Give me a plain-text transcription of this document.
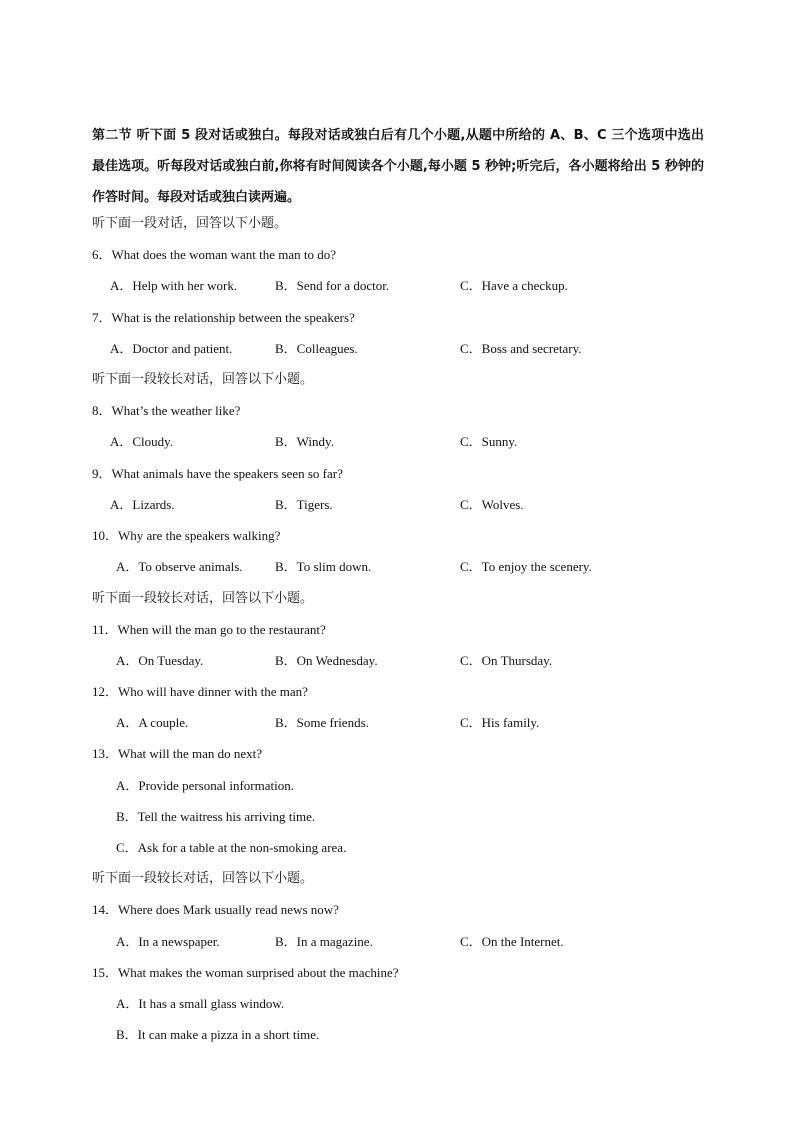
第二节 听下面 5 段对话或独白。每段对话或独白后有几个小题,从题中所给的 A、B、C 三个选项中选出最佳选项。听每段对话或独白前,你将有时间阅读各个小题,每小题 5 秒钟;听完后，各小题将给出 5 秒钟的作答时间。每段对话或独白读两遍。

听下面一段对话，回答以下小题。
6．What does the woman want the man to do?
A．Help with her work.	B．Send for a doctor.	C．Have a checkup.
7．What is the relationship between the speakers?
A．Doctor and patient.	B．Colleagues.	C．Boss and secretary.
听下面一段较长对话，回答以下小题。
8．What’s the weather like?
A．Cloudy.	B．Windy.	C．Sunny.
9．What animals have the speakers seen so far?
A．Lizards.	B．Tigers.	C．Wolves.
10．Why are the speakers walking?
A．To observe animals. B．To slim down.	C．To enjoy the scenery.
听下面一段较长对话，回答以下小题。
11．When will the man go to the restaurant?
A．On Tuesday.	B．On Wednesday.	C．On Thursday.
12．Who will have dinner with the man?
A．A couple.	B．Some friends.	C．His family.
13．What will the man do next?
A．Provide personal information.
B．Tell the waitress his arriving time.
C．Ask for a table at the non-smoking area.
听下面一段较长对话，回答以下小题。
14．Where does Mark usually read news now?
A．In a newspaper.	B．In a magazine.	C．On the Internet.
15．What makes the woman surprised about the machine?
A．It has a small glass window.
B．It can make a pizza in a short time.
